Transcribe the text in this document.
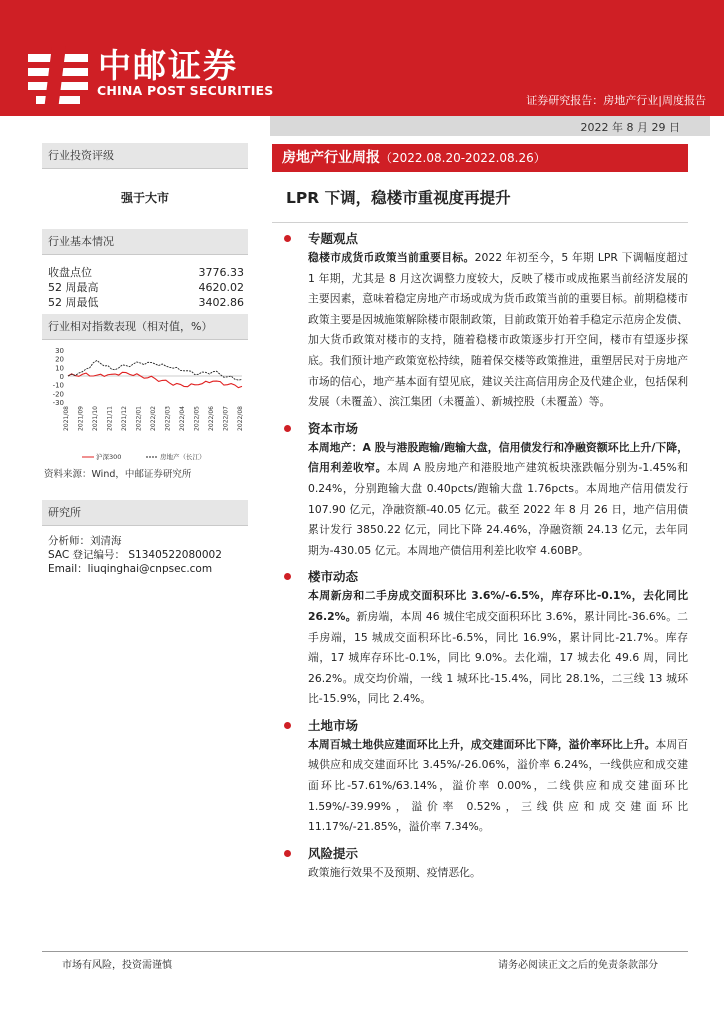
中邮证券
CHINA POST SECURITIES
证券研究报告：房地产行业|周度报告
2022 年 8 月 29 日
行业投资评级
强于大市
行业基本情况
收盘点位	3776.33
52 周最高	4620.02
52 周最低	3402.86
行业相对指数表现（相对值，%）
30
20
10
0
-10
-20
-30
2021/08 2021/09 2021/10 2021/11 2021/12 2022/01 2022/02 2022/03 2022/04 2022/05 2022/06 2022/07 2022/08
沪深300	房地产（长江）
资料来源：Wind，中邮证券研究所
研究所
分析师：刘清海
SAC 登记编号： S1340522080002
Email：liuqinghai@cnpsec.com
房地产行业周报（2022.08.20-2022.08.26）
LPR 下调，稳楼市重视度再提升
专题观点
稳楼市成货币政策当前重要目标。2022 年初至今，5 年期 LPR 下调幅度超过 1 年期，尤其是 8 月这次调整力度较大，反映了楼市或成拖累当前经济发展的主要因素，意味着稳定房地产市场或成为货币政策当前的重要目标。前期稳楼市政策主要是因城施策解除楼市限制政策，目前政策开始着手稳定示范房企发债、加大货币政策对楼市的支持，随着稳楼市政策逐步打开空间，楼市有望逐步探底。我们预计地产政策宽松持续，随着保交楼等政策推进，重塑居民对于房地产市场的信心，地产基本面有望见底，建议关注高信用房企及代建企业，包括保利发展（未覆盖）、滨江集团（未覆盖）、新城控股（未覆盖）等。
资本市场
本周地产：A 股与港股跑输/跑输大盘，信用债发行和净融资额环比上升/下降，信用利差收窄。本周 A 股房地产和港股地产建筑板块涨跌幅分别为-1.45%和 0.24%，分别跑输大盘 0.40pcts/跑输大盘 1.76pcts。本周地产信用债发行 107.90 亿元，净融资额-40.05 亿元。截至 2022 年 8 月 26 日，地产信用债累计发行 3850.22 亿元，同比下降 24.46%，净融资额 24.13 亿元，去年同期为-430.05 亿元。本周地产债信用利差比收窄 4.60BP。
楼市动态
本周新房和二手房成交面积环比 3.6%/-6.5%，库存环比-0.1%，去化同比 26.2%。新房端，本周 46 城住宅成交面积环比 3.6%，累计同比-36.6%。二手房端，15 城成交面积环比-6.5%，同比 16.9%，累计同比-21.7%。库存端，17 城库存环比-0.1%，同比 9.0%。去化端，17 城去化 49.6 周，同比 26.2%。成交均价端，一线 1 城环比-15.4%，同比 28.1%，二三线 13 城环比-15.9%，同比 2.4%。
土地市场
本周百城土地供应建面环比上升，成交建面环比下降，溢价率环比上升。本周百城供应和成交建面环比 3.45%/-26.06%，溢价率 6.24%，一线供应和成交建面环比-57.61%/63.14%，溢价率 0.00%，二线供应和成交建面环比 1.59%/-39.99%，溢价率 0.52%，三线供应和成交建面环比 11.17%/-21.85%，溢价率 7.34%。
风险提示
政策施行效果不及预期、疫情恶化。
市场有风险，投资需谨慎	请务必阅读正文之后的免责条款部分
